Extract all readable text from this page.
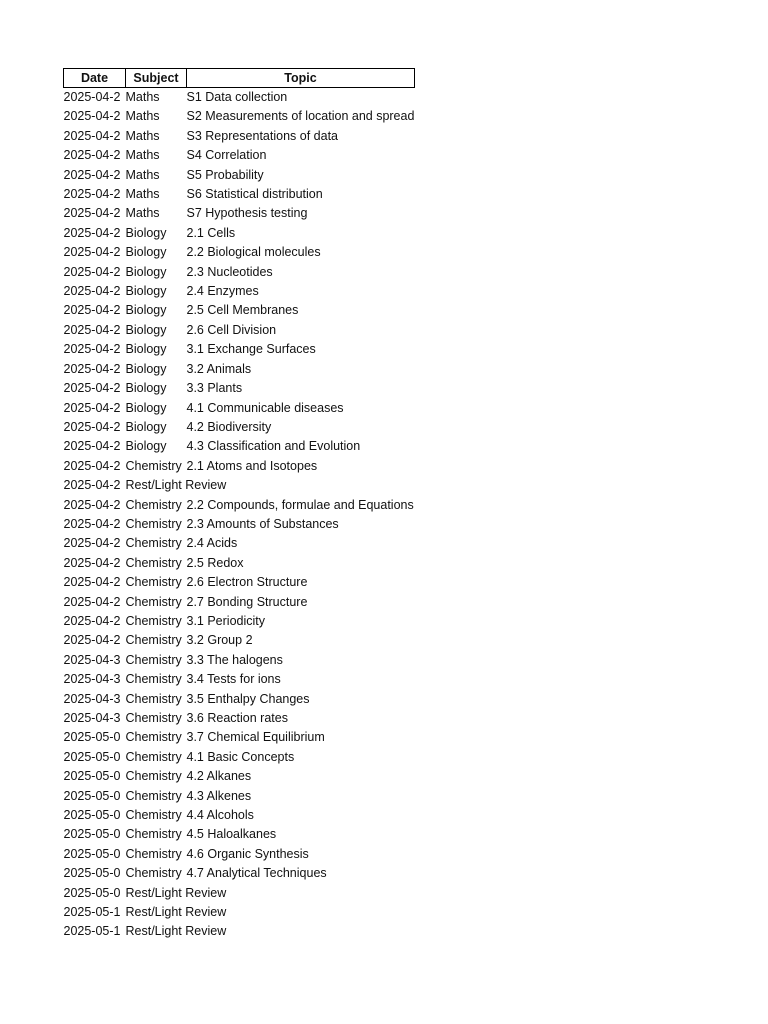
Date	Subject	Topic

2025-04-2	Maths	S1 Data collection

2025-04-2	Maths	S2 Measurements of location and spread

2025-04-2	Maths	S3 Representations of data

2025-04-2	Maths	S4 Correlation

2025-04-2	Maths	S5 Probability

2025-04-2	Maths	S6 Statistical distribution

2025-04-2	Maths	S7 Hypothesis testing

2025-04-2	Biology	2.1 Cells

2025-04-2	Biology	2.2 Biological molecules

2025-04-2	Biology	2.3 Nucleotides

2025-04-2	Biology	2.4 Enzymes

2025-04-2	Biology	2.5 Cell Membranes

2025-04-2	Biology	2.6 Cell Division

2025-04-2	Biology	3.1 Exchange Surfaces

2025-04-2	Biology	3.2 Animals

2025-04-2	Biology	3.3 Plants

2025-04-2	Biology	4.1 Communicable diseases

2025-04-2	Biology	4.2 Biodiversity

2025-04-2	Biology	4.3 Classification and Evolution

2025-04-2	Chemistry	2.1 Atoms and Isotopes

2025-04-2	Rest/Light Review	

2025-04-2	Chemistry	2.2 Compounds, formulae and Equations

2025-04-2	Chemistry	2.3 Amounts of Substances

2025-04-2	Chemistry	2.4 Acids

2025-04-2	Chemistry	2.5 Redox

2025-04-2	Chemistry	2.6 Electron Structure

2025-04-2	Chemistry	2.7 Bonding Structure

2025-04-2	Chemistry	3.1 Periodicity

2025-04-2	Chemistry	3.2 Group 2

2025-04-3	Chemistry	3.3 The halogens

2025-04-3	Chemistry	3.4 Tests for ions

2025-04-3	Chemistry	3.5 Enthalpy Changes

2025-04-3	Chemistry	3.6 Reaction rates

2025-05-0	Chemistry	3.7 Chemical Equilibrium

2025-05-0	Chemistry	4.1 Basic Concepts

2025-05-0	Chemistry	4.2 Alkanes

2025-05-0	Chemistry	4.3 Alkenes

2025-05-0	Chemistry	4.4 Alcohols

2025-05-0	Chemistry	4.5 Haloalkanes

2025-05-0	Chemistry	4.6 Organic Synthesis

2025-05-0	Chemistry	4.7 Analytical Techniques

2025-05-0	Rest/Light Review	

2025-05-1	Rest/Light Review	

2025-05-1	Rest/Light Review	
